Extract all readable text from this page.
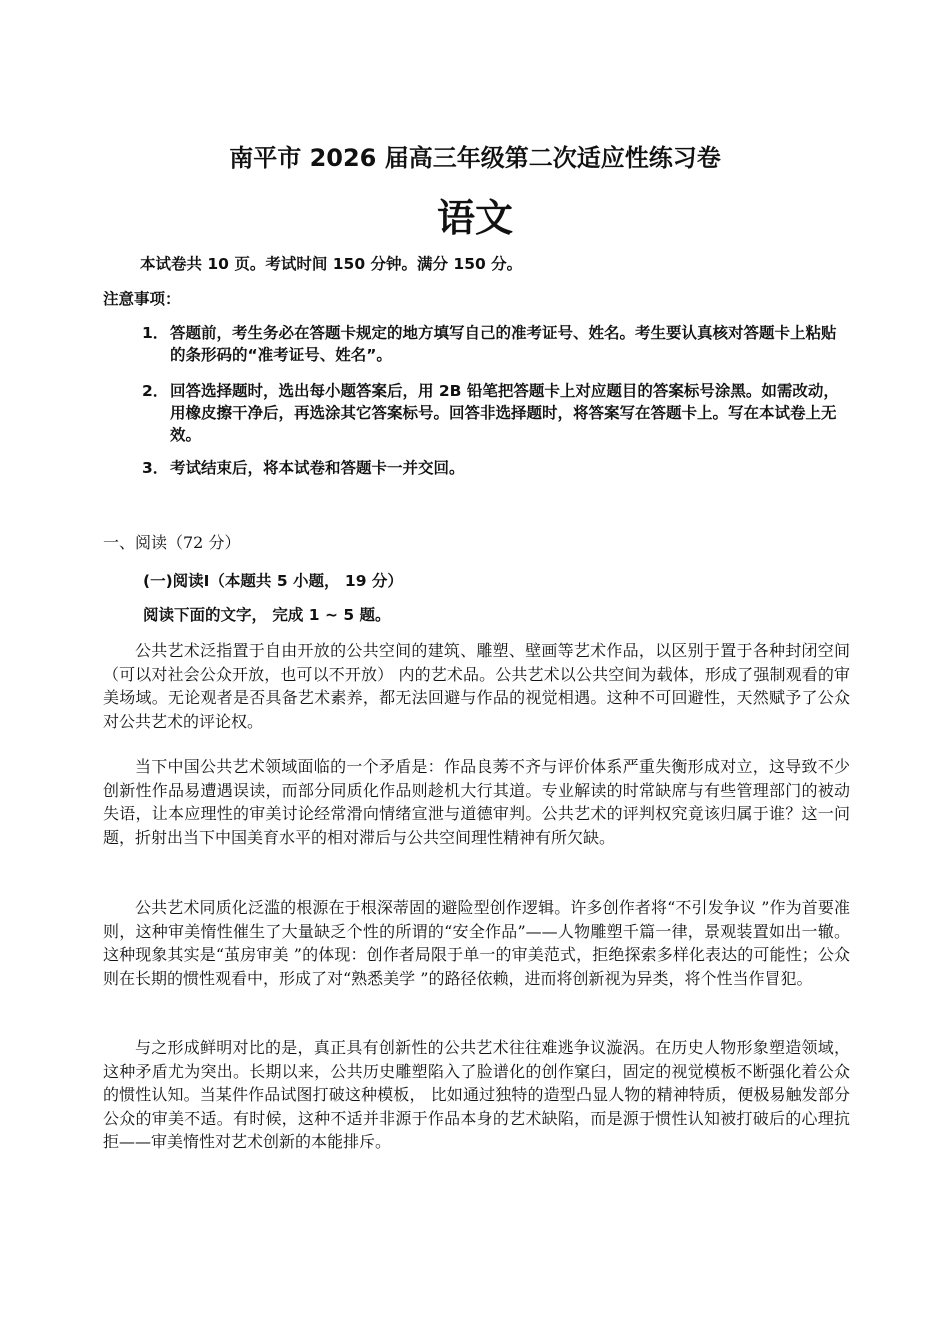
南平市 2026 届高三年级第二次适应性练习卷
语文
本试卷共 10 页。考试时间 150 分钟。满分 150 分。
注意事项：
1． 答题前，考生务必在答题卡规定的地方填写自己的准考证号、姓名。考生要认真核对答题卡上粘贴的条形码的“准考证号、姓名”。
2． 回答选择题时，选出每小题答案后，用 2B 铅笔把答题卡上对应题目的答案标号涂黑。如需改动，用橡皮擦干净后，再选涂其它答案标号。回答非选择题时，将答案写在答题卡上。写在本试卷上无效。
3． 考试结束后，将本试卷和答题卡一并交回。
一、阅读（72 分）
(一)阅读Ⅰ（本题共 5 小题， 19 分）
阅读下面的文字， 完成 1 ~ 5 题。

公共艺术泛指置于自由开放的公共空间的建筑、雕塑、壁画等艺术作品，以区别于置于各种封闭空间（可以对社会公众开放，也可以不开放） 内的艺术品。公共艺术以公共空间为载体，形成了强制观看的审美场域。无论观者是否具备艺术素养，都无法回避与作品的视觉相遇。这种不可回避性，天然赋予了公众对公共艺术的评论权。

当下中国公共艺术领域面临的一个矛盾是：作品良莠不齐与评价体系严重失衡形成对立，这导致不少创新性作品易遭遇误读，而部分同质化作品则趁机大行其道。专业解读的时常缺席与有些管理部门的被动失语，让本应理性的审美讨论经常滑向情绪宣泄与道德审判。公共艺术的评判权究竟该归属于谁？这一问题，折射出当下中国美育水平的相对滞后与公共空间理性精神有所欠缺。

公共艺术同质化泛滥的根源在于根深蒂固的避险型创作逻辑。许多创作者将“不引发争议 ”作为首要准则，这种审美惰性催生了大量缺乏个性的所谓的“安全作品”——人物雕塑千篇一律，景观装置如出一辙。这种现象其实是“茧房审美 ”的体现：创作者局限于单一的审美范式，拒绝探索多样化表达的可能性；公众则在长期的惯性观看中，形成了对“熟悉美学 ”的路径依赖，进而将创新视为异类，将个性当作冒犯。

与之形成鲜明对比的是，真正具有创新性的公共艺术往往难逃争议漩涡。在历史人物形象塑造领域，这种矛盾尤为突出。长期以来，公共历史雕塑陷入了脸谱化的创作窠臼，固定的视觉模板不断强化着公众的惯性认知。当某件作品试图打破这种模板， 比如通过独特的造型凸显人物的精神特质，便极易触发部分公众的审美不适。有时候，这种不适并非源于作品本身的艺术缺陷，而是源于惯性认知被打破后的心理抗拒——审美惰性对艺术创新的本能排斥。
